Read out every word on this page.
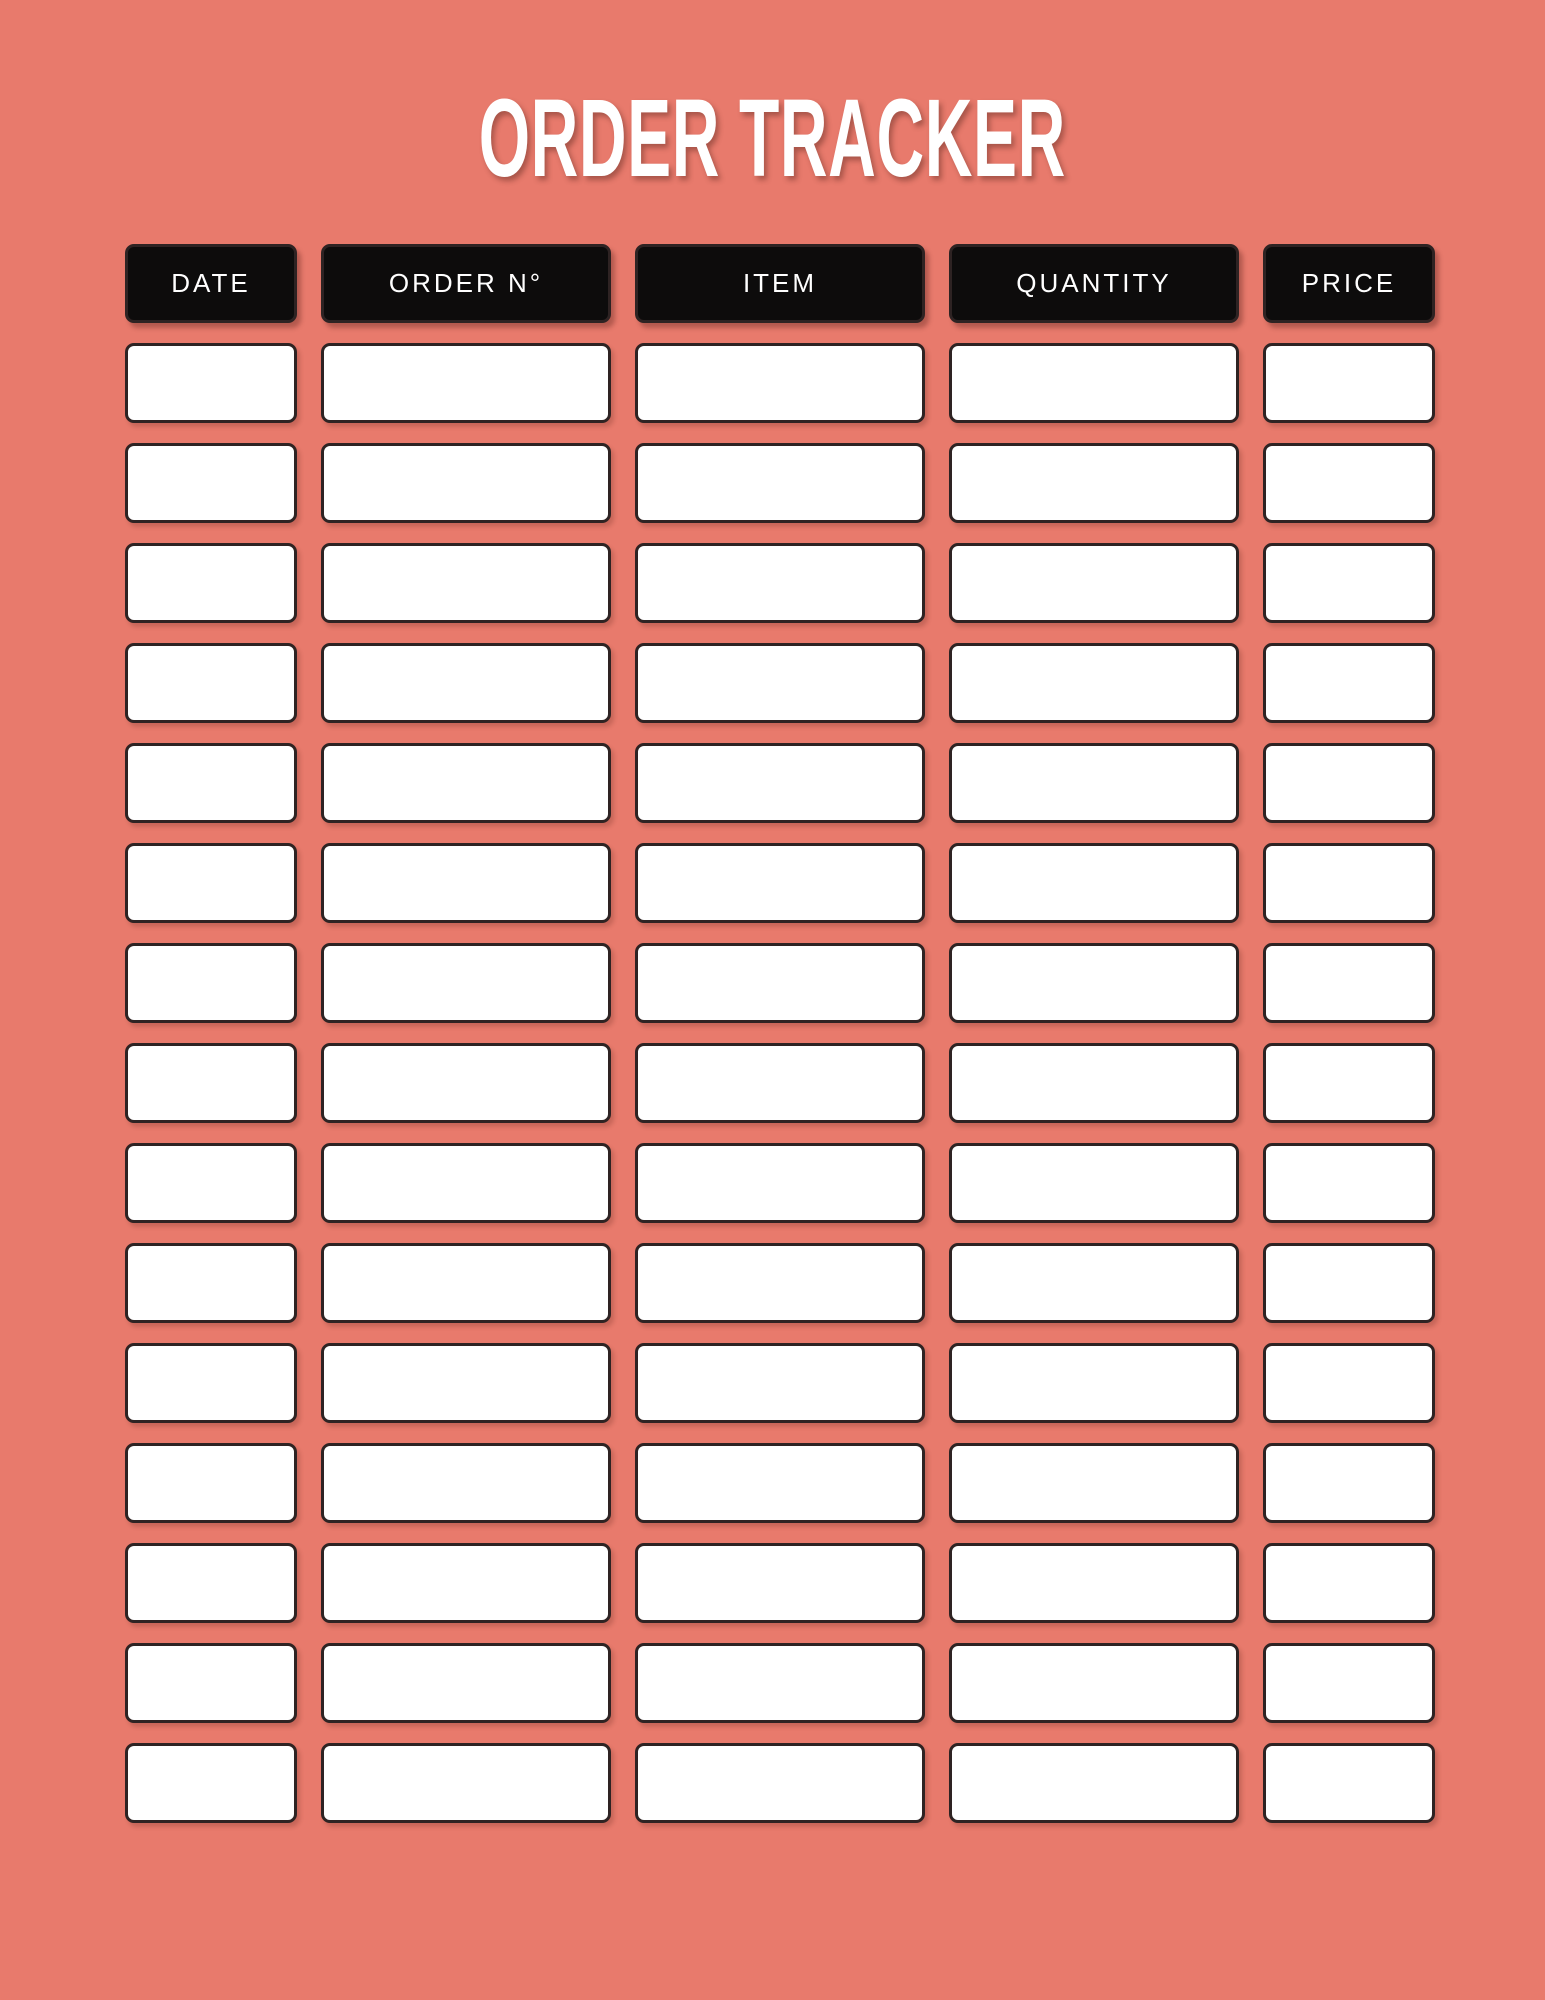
ORDER TRACKER
DATE	ORDER N°	ITEM	QUANTITY	PRICE
